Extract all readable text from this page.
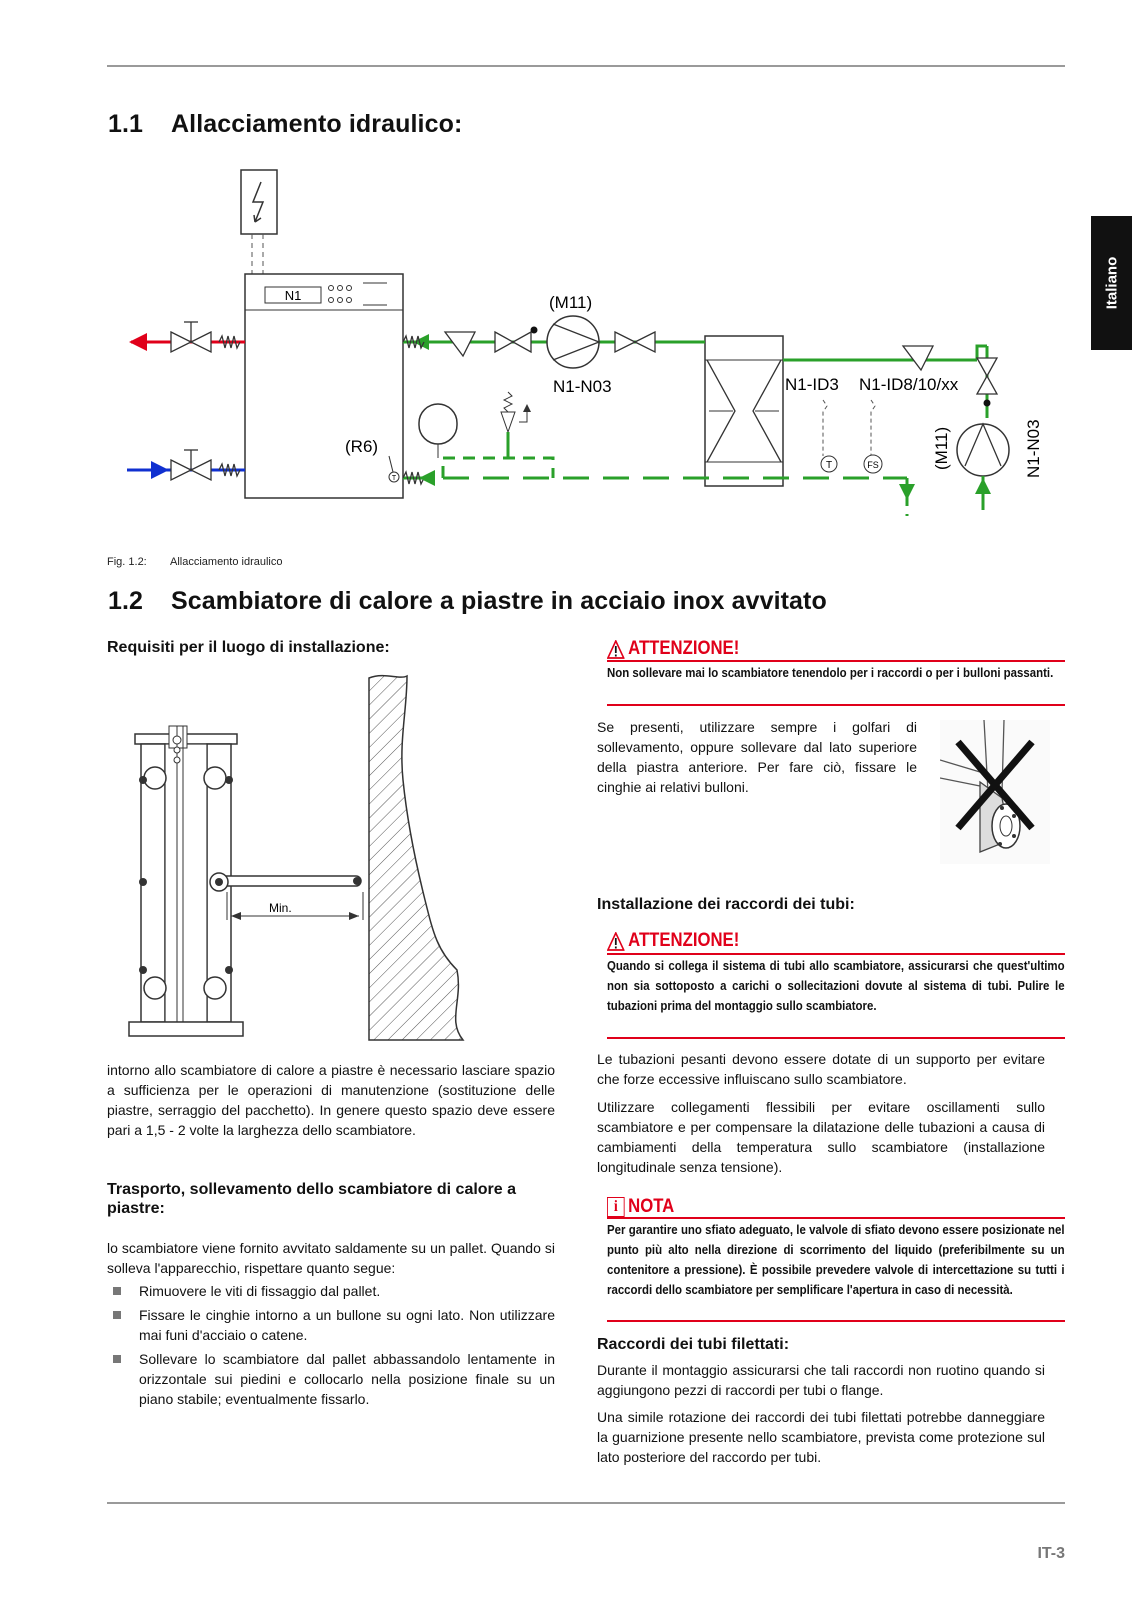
Italiano
1.1 Allacciamento idraulico:
N1
(R6)
T
(M11)
N1-N03
(M11)	N1-N03
N1-ID3 N1-ID8/10/xx
T	FS
Fig. 1.2: Allacciamento idraulico
1.2 Scambiatore di calore a piastre in acciaio inox avvitato
Requisiti per il luogo di installazione:
Min.
intorno allo scambiatore di calore a piastre è necessario lasciare spazio a sufficienza per le operazioni di manutenzione (sostituzione delle piastre, serraggio del pacchetto). In genere questo spazio deve essere pari a 1,5 - 2 volte la larghezza dello scambiatore.
Trasporto, sollevamento dello scambiatore di calore a piastre:
lo scambiatore viene fornito avvitato saldamente su un pallet. Quando si solleva l'apparecchio, rispettare quanto segue:
Rimuovere le viti di fissaggio dal pallet.
Fissare le cinghie intorno a un bullone su ogni lato. Non utilizzare mai funi d'acciaio o catene.
Sollevare lo scambiatore dal pallet abbassandolo lentamente in orizzontale sui piedini e collocarlo nella posizione finale su un piano stabile; eventualmente fissarlo.
ATTENZIONE!
Non sollevare mai lo scambiatore tenendolo per i raccordi o per i bulloni passanti.
Se presenti, utilizzare sempre i golfari di sollevamento, oppure sollevare dal lato superiore della piastra anteriore. Per fare ciò, fissare le cinghie ai relativi bulloni.
Installazione dei raccordi dei tubi:
ATTENZIONE!
Quando si collega il sistema di tubi allo scambiatore, assicurarsi che quest'ultimo non sia sottoposto a carichi o sollecitazioni dovute al sistema di tubi. Pulire le tubazioni prima del montaggio sullo scambiatore.
Le tubazioni pesanti devono essere dotate di un supporto per evitare che forze eccessive influiscano sullo scambiatore.
Utilizzare collegamenti flessibili per evitare oscillamenti sullo scambiatore e per compensare la dilatazione delle tubazioni a causa di cambiamenti della temperatura sullo scambiatore (installazione longitudinale senza tensione).
i NOTA
Per garantire uno sfiato adeguato, le valvole di sfiato devono essere posizionate nel punto più alto nella direzione di scorrimento del liquido (preferibilmente su un contenitore a pressione). È possibile prevedere valvole di intercettazione su tutti i raccordi dello scambiatore per semplificare l'apertura in caso di necessità.
Raccordi dei tubi filettati:
Durante il montaggio assicurarsi che tali raccordi non ruotino quando si aggiungono pezzi di raccordi per tubi o flange.
Una simile rotazione dei raccordi dei tubi filettati potrebbe danneggiare la guarnizione presente nello scambiatore, prevista come protezione sul lato posteriore del raccordo per tubi.
IT-3
